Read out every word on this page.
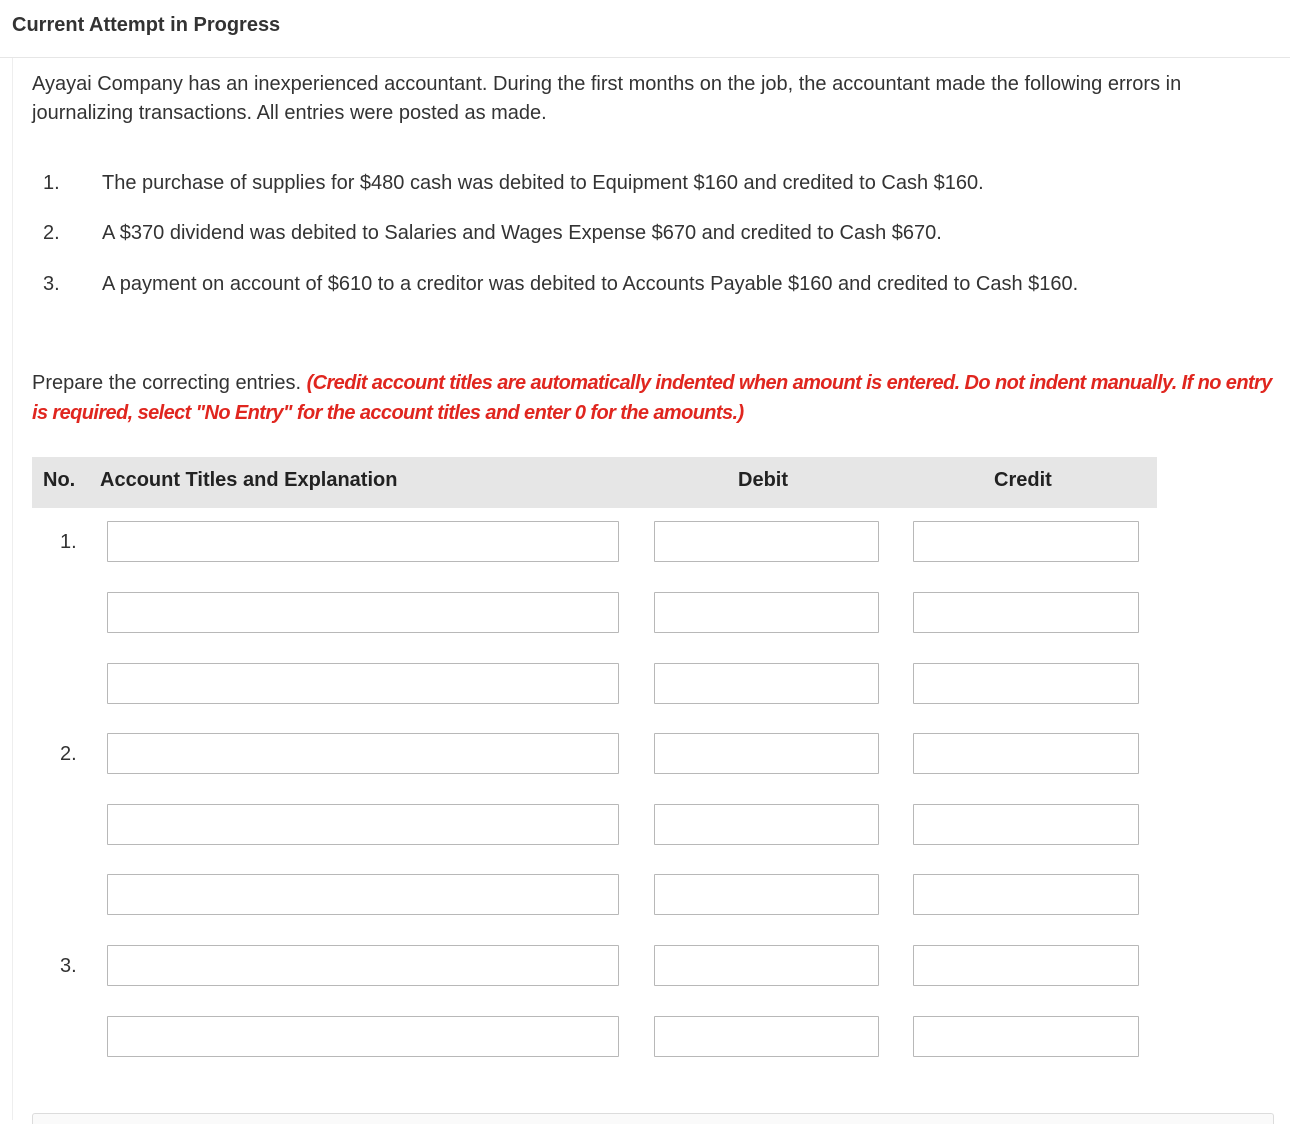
Current Attempt in Progress
Ayayai Company has an inexperienced accountant. During the first months on the job, the accountant made the following errors in journalizing transactions. All entries were posted as made.
1. The purchase of supplies for $480 cash was debited to Equipment $160 and credited to Cash $160.
2. A $370 dividend was debited to Salaries and Wages Expense $670 and credited to Cash $670.
3. A payment on account of $610 to a creditor was debited to Accounts Payable $160 and credited to Cash $160.
Prepare the correcting entries. (Credit account titles are automatically indented when amount is entered. Do not indent manually. If no entry is required, select "No Entry" for the account titles and enter 0 for the amounts.)
No. Account Titles and Explanation	Debit	Credit
1.
2.
3.
